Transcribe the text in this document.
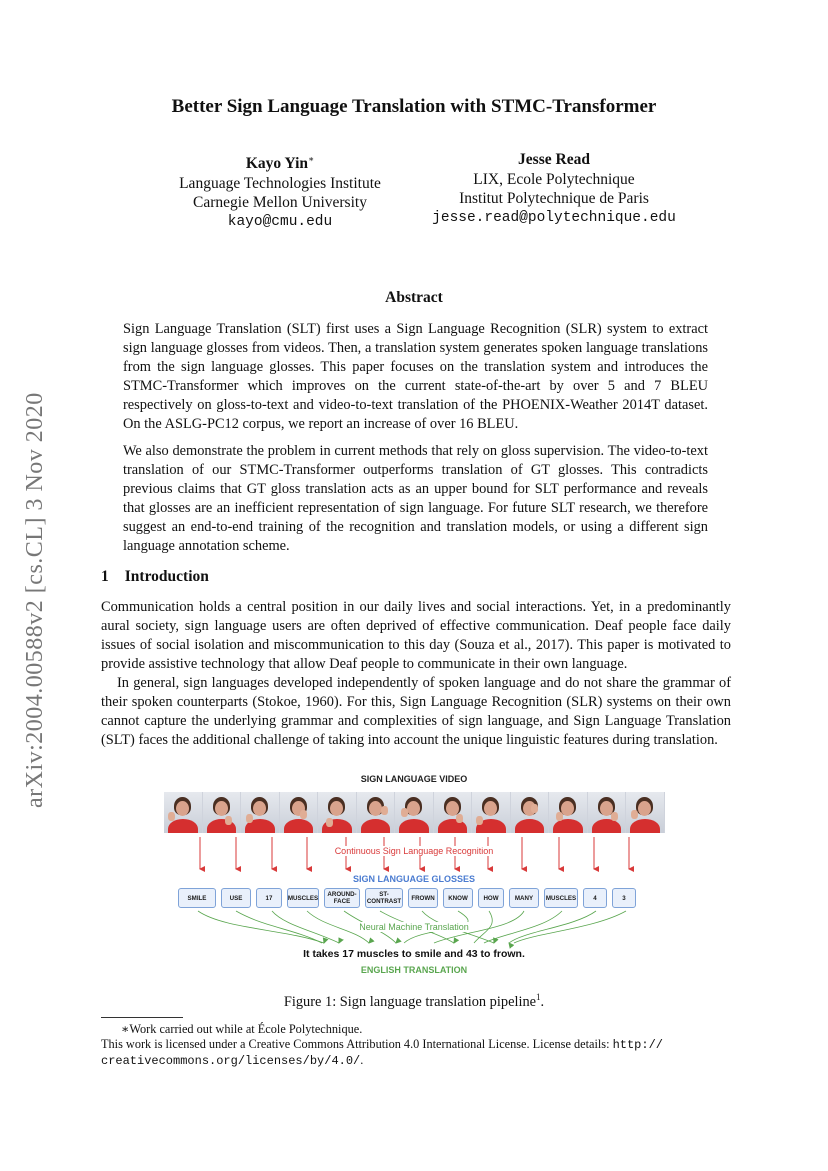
arXiv:2004.00588v2 [cs.CL] 3 Nov 2020
Better Sign Language Translation with STMC-Transformer
Kayo Yin∗
Language Technologies Institute
Carnegie Mellon University
kayo@cmu.edu
Jesse Read
LIX, Ecole Polytechnique
Institut Polytechnique de Paris
jesse.read@polytechnique.edu
Abstract

Sign Language Translation (SLT) first uses a Sign Language Recognition (SLR) system to extract sign language glosses from videos. Then, a translation system generates spoken language translations from the sign language glosses. This paper focuses on the translation system and introduces the STMC-Transformer which improves on the current state-of-the-art by over 5 and 7 BLEU respectively on gloss-to-text and video-to-text translation of the PHOENIX-Weather 2014T dataset. On the ASLG-PC12 corpus, we report an increase of over 16 BLEU.

We also demonstrate the problem in current methods that rely on gloss supervision. The video-to-text translation of our STMC-Transformer outperforms translation of GT glosses. This contradicts previous claims that GT gloss translation acts as an upper bound for SLT performance and reveals that glosses are an inefficient representation of sign language. For future SLT research, we therefore suggest an end-to-end training of the recognition and translation models, or using a different sign language annotation scheme.

1 Introduction

Communication holds a central position in our daily lives and social interactions. Yet, in a predominantly aural society, sign language users are often deprived of effective communication. Deaf people face daily issues of social isolation and miscommunication to this day (Souza et al., 2017). This paper is motivated to provide assistive technology that allow Deaf people to communicate in their own language.

In general, sign languages developed independently of spoken language and do not share the grammar of their spoken counterparts (Stokoe, 1960). For this, Sign Language Recognition (SLR) systems on their own cannot capture the underlying grammar and complexities of sign language, and Sign Language Translation (SLT) faces the additional challenge of taking into account the unique linguistic features during translation.

SIGN LANGUAGE VIDEO
Continuous Sign Language Recognition
SIGN LANGUAGE GLOSSES
SMILE	USE	17	MUSCLES	AROUND-
FACE
ST-
CONTRAST	FROWN	KNOW	HOW	MANY	MUSCLES	4	3
Neural Machine Translation
It takes 17 muscles to smile and 43 to frown.
ENGLISH TRANSLATION
Figure 1: Sign language translation pipeline$^1$.

∗Work carried out while at École Polytechnique.

This work is licensed under a Creative Commons Attribution 4.0 International License. License details: http://
creativecommons.org/licenses/by/4.0/.
